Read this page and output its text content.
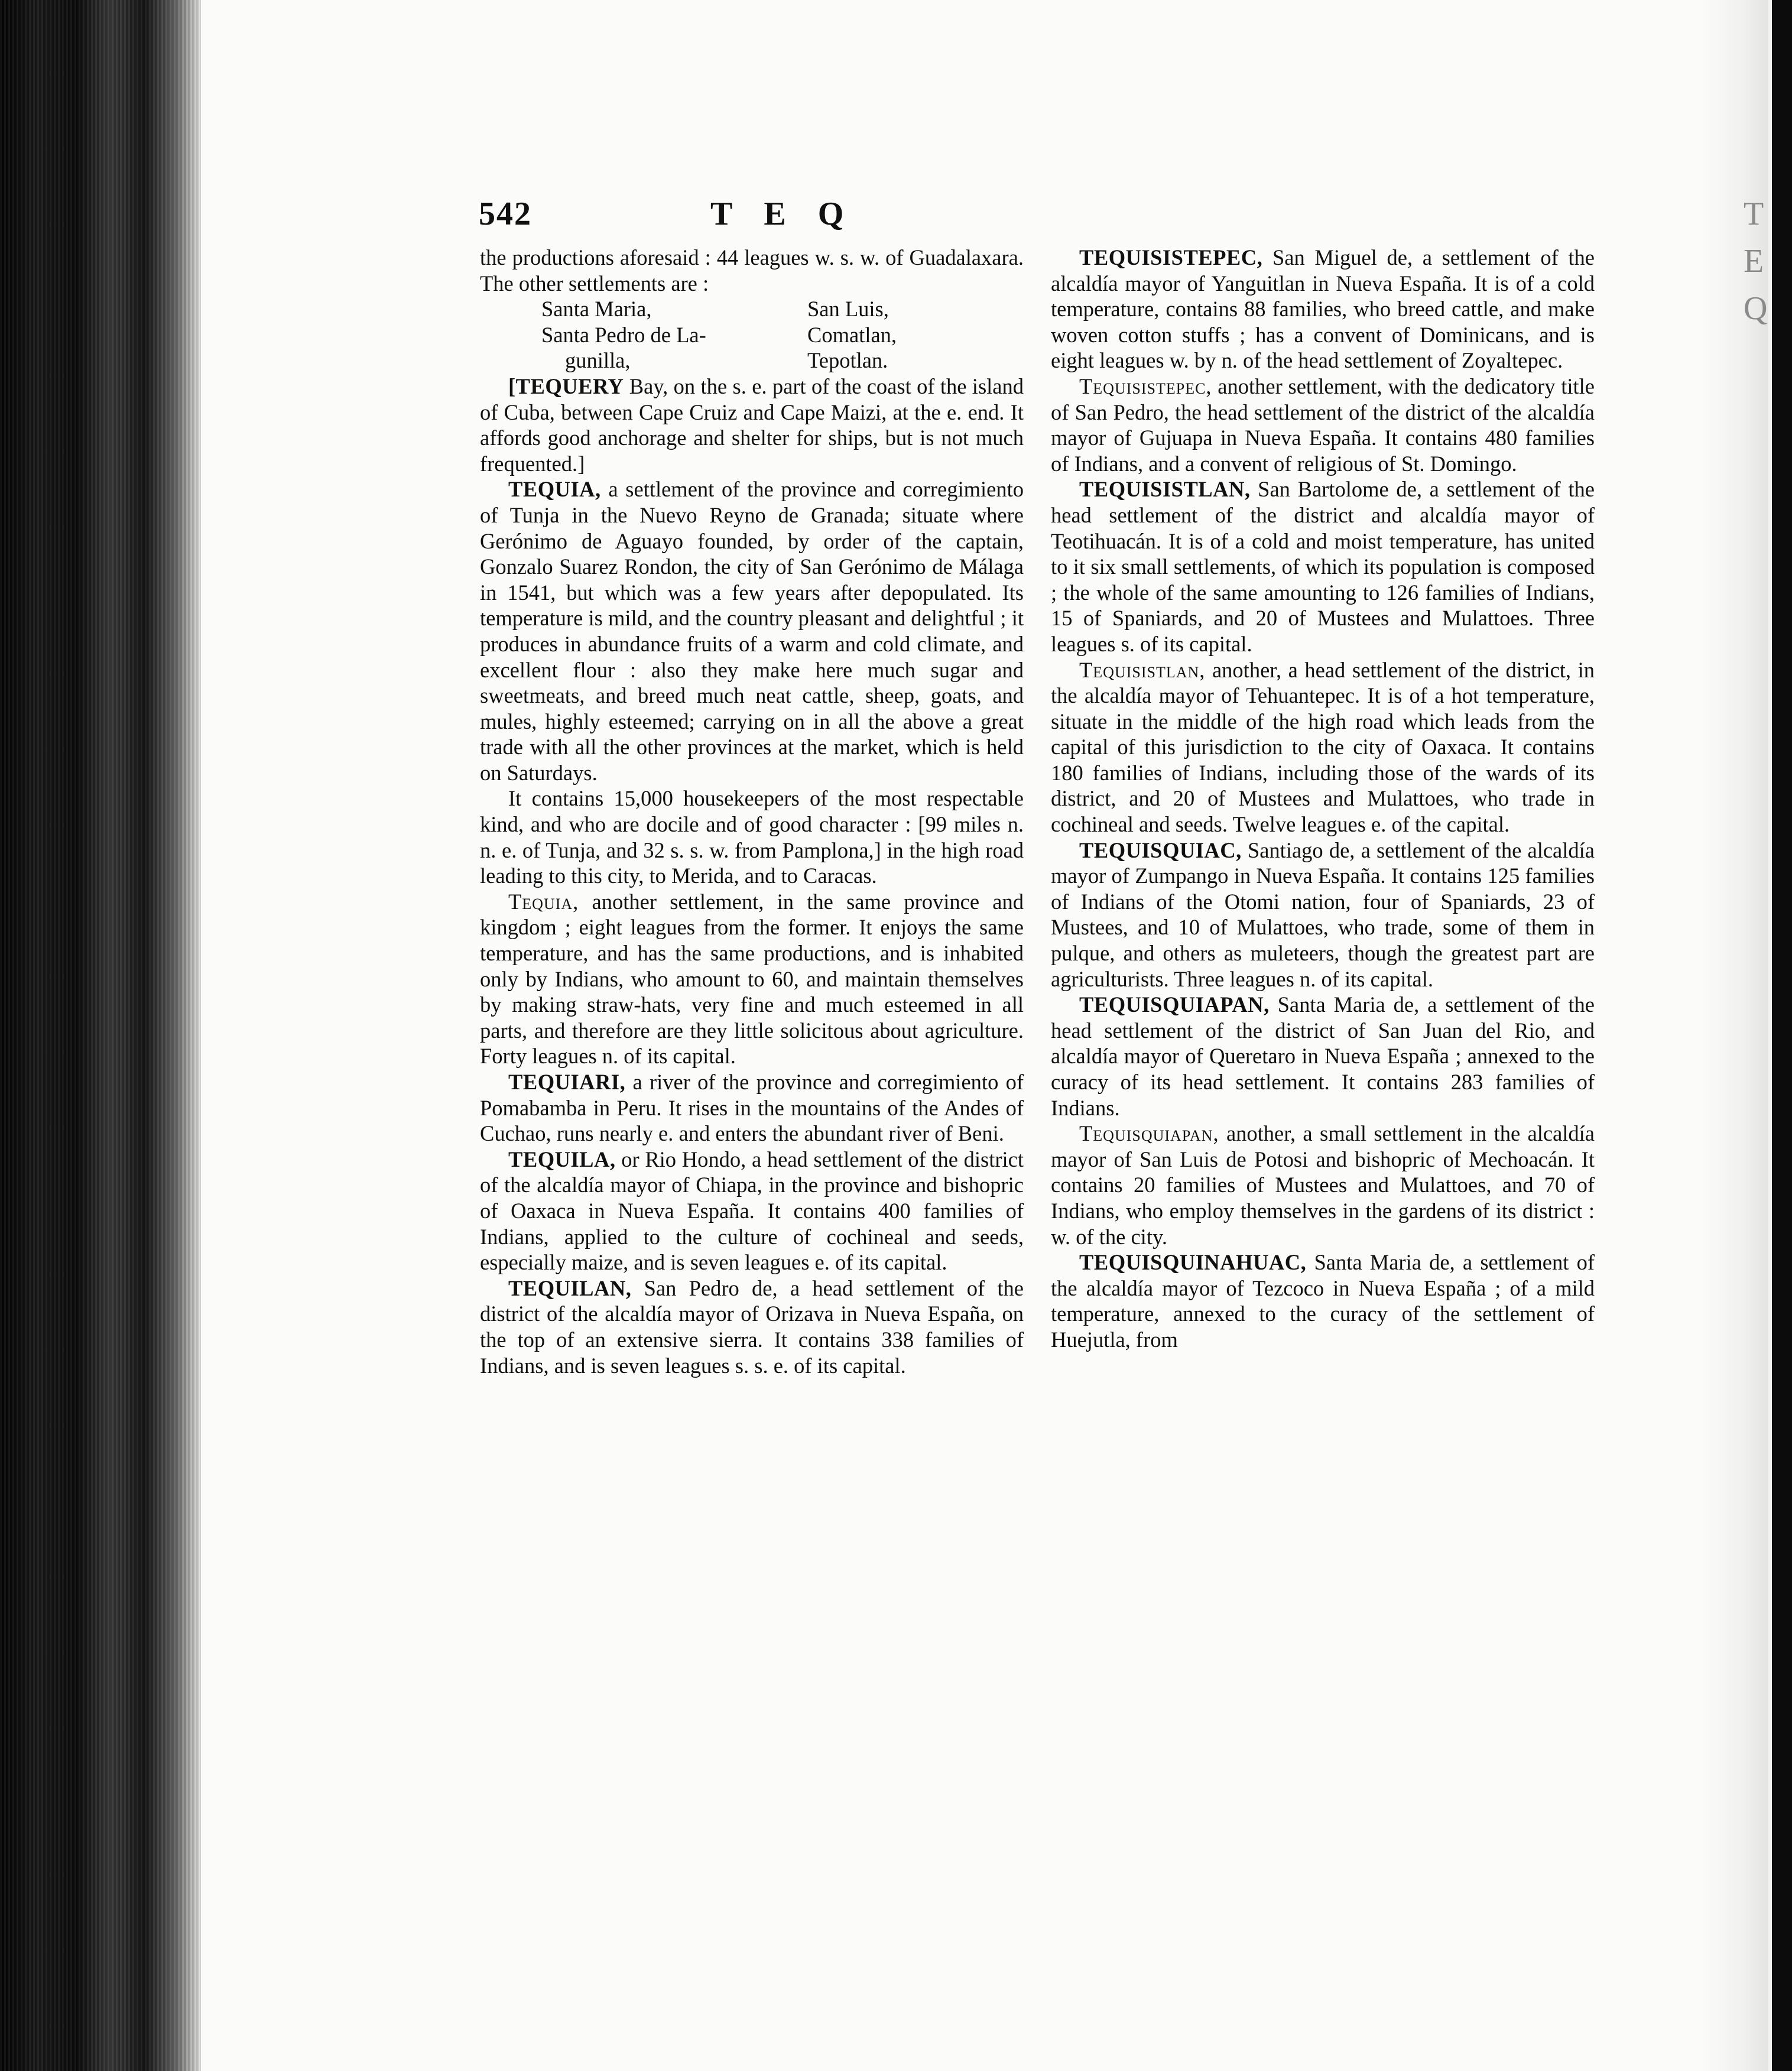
542	T E Q	T E Q

the productions aforesaid : 44 leagues w. s. w. of Guadalaxara. The other settlements are :

Santa Maria,	San Luis,
Santa Pedro de La-	Comatlan,
gunilla,	Tepotlan.

[TEQUERY Bay, on the s. e. part of the coast of the island of Cuba, between Cape Cruiz and Cape Maizi, at the e. end. It affords good anchorage and shelter for ships, but is not much frequented.]

TEQUIA, a settlement of the province and corregimiento of Tunja in the Nuevo Reyno de Granada; situate where Gerónimo de Aguayo founded, by order of the captain, Gonzalo Suarez Rondon, the city of San Gerónimo de Málaga in 1541, but which was a few years after depopulated. Its temperature is mild, and the country pleasant and delightful ; it produces in abundance fruits of a warm and cold climate, and excellent flour : also they make here much sugar and sweetmeats, and breed much neat cattle, sheep, goats, and mules, highly esteemed; carrying on in all the above a great trade with all the other provinces at the market, which is held on Saturdays.

It contains 15,000 housekeepers of the most respectable kind, and who are docile and of good character : [99 miles n. n. e. of Tunja, and 32 s. s. w. from Pamplona,] in the high road leading to this city, to Merida, and to Caracas.

Tequia, another settlement, in the same province and kingdom ; eight leagues from the former. It enjoys the same temperature, and has the same productions, and is inhabited only by Indians, who amount to 60, and maintain themselves by making straw-hats, very fine and much esteemed in all parts, and therefore are they little solicitous about agriculture. Forty leagues n. of its capital.

TEQUIARI, a river of the province and corregimiento of Pomabamba in Peru. It rises in the mountains of the Andes of Cuchao, runs nearly e. and enters the abundant river of Beni.

TEQUILA, or Rio Hondo, a head settlement of the district of the alcaldía mayor of Chiapa, in the province and bishopric of Oaxaca in Nueva España. It contains 400 families of Indians, applied to the culture of cochineal and seeds, especially maize, and is seven leagues e. of its capital.

TEQUILAN, San Pedro de, a head settlement of the district of the alcaldía mayor of Orizava in Nueva España, on the top of an extensive sierra. It contains 338 families of Indians, and is seven leagues s. s. e. of its capital.

TEQUISISTEPEC, San Miguel de, a settlement of the alcaldía mayor of Yanguitlan in Nueva España. It is of a cold temperature, contains 88 families, who breed cattle, and make woven cotton stuffs ; has a convent of Dominicans, and is eight leagues w. by n. of the head settlement of Zoyaltepec.

Tequisistepec, another settlement, with the dedicatory title of San Pedro, the head settlement of the district of the alcaldía mayor of Gujuapa in Nueva España. It contains 480 families of Indians, and a convent of religious of St. Domingo.

TEQUISISTLAN, San Bartolome de, a settlement of the head settlement of the district and alcaldía mayor of Teotihuacán. It is of a cold and moist temperature, has united to it six small settlements, of which its population is composed ; the whole of the same amounting to 126 families of Indians, 15 of Spaniards, and 20 of Mustees and Mulattoes. Three leagues s. of its capital.

Tequisistlan, another, a head settlement of the district, in the alcaldía mayor of Tehuantepec. It is of a hot temperature, situate in the middle of the high road which leads from the capital of this jurisdiction to the city of Oaxaca. It contains 180 families of Indians, including those of the wards of its district, and 20 of Mustees and Mulattoes, who trade in cochineal and seeds. Twelve leagues e. of the capital.

TEQUISQUIAC, Santiago de, a settlement of the alcaldía mayor of Zumpango in Nueva España. It contains 125 families of Indians of the Otomi nation, four of Spaniards, 23 of Mustees, and 10 of Mulattoes, who trade, some of them in pulque, and others as muleteers, though the greatest part are agriculturists. Three leagues n. of its capital.

TEQUISQUIAPAN, Santa Maria de, a settlement of the head settlement of the district of San Juan del Rio, and alcaldía mayor of Queretaro in Nueva España ; annexed to the curacy of its head settlement. It contains 283 families of Indians.

Tequisquiapan, another, a small settlement in the alcaldía mayor of San Luis de Potosi and bishopric of Mechoacán. It contains 20 families of Mustees and Mulattoes, and 70 of Indians, who employ themselves in the gardens of its district : w. of the city.

TEQUISQUINAHUAC, Santa Maria de, a settlement of the alcaldía mayor of Tezcoco in Nueva España ; of a mild temperature, annexed to the curacy of the settlement of Huejutla, from
